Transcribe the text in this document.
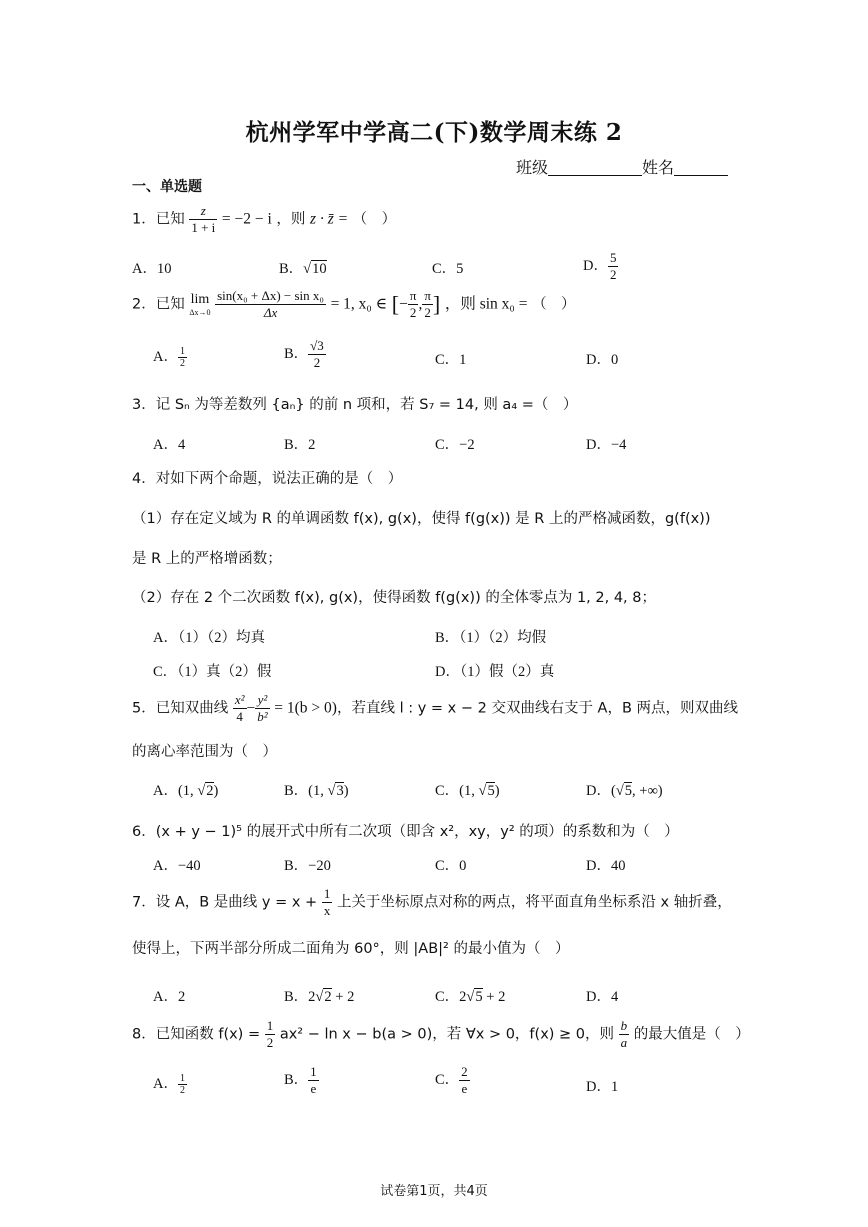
杭州学军中学高二(下)数学周末练 2
班级	姓名
一、单选题
1．已知 $\frac{z}{1 + i} = -2 - i$ ，则 z · z̄ = （　）
A．10	B．√10	C．5	D． $\frac{5}{2}$
2．已知 lim
Δx→0
$\frac{\text{sin(x₀ + Δx) − sin x₀}}{\Delta x} = 1$, x₀ ∈ [− $\frac{\pi}{2}$ , $\frac{\pi}{2}$ ] ，则 sin x₀ = （　）
A． $\frac{1}{2}$	B． $\frac{√3}{2}$	C．1	D．0
3．记 Sₙ 为等差数列 {aₙ} 的前 n 项和，若 S₇ = 14, 则 a₄ =（　）
A．4	B．2	C．−2	D．−4
4．对如下两个命题，说法正确的是（　）
（1）存在定义域为 R 的单调函数 f(x), g(x)，使得 f(g(x)) 是 R 上的严格减函数，g(f(x))
是 R 上的严格增函数；
（2）存在 2 个二次函数 f(x), g(x)，使得函数 f(g(x)) 的全体零点为 1, 2, 4, 8；
A．（1）（2）均真	B．（1）（2）均假
C．（1）真（2）假	D．（1）假（2）真
5．已知双曲线 $\frac{\text{x²}}{4} - \frac{\text{y²}}{\text{b²}} = 1(b > 0)$，若直线 l : y = x − 2 交双曲线右支于 A，B 两点，则双曲线
的离心率范围为（　）
A．(1, √2)	B．(1, √3)	C．(1, √5)	D．(√5, +∞)
6．(x + y − 1)⁵ 的展开式中所有二次项（即含 x²，xy，y² 的项）的系数和为（　）
A．−40	B．−20	C．0	D．40
7．设 A，B 是曲线 $y = x + \frac{1}{x}$ 上关于坐标原点对称的两点，将平面直角坐标系沿 x 轴折叠，
使得上，下两半部分所成二面角为 60°，则 |AB|² 的最小值为（　）
A．2	B．2√2 + 2	C．2√5 + 2	D．4
8．已知函数 $f(x) = \frac{1}{2} ax^2 - \ln x - b(a > 0)$，若 ∀x > 0，f(x) ≥ 0，则 $\frac{b}{a}$ 的最大值是（　）
A． $\frac{1}{2}$	B． $\frac{1}{e}$	C． $\frac{2}{e}$	D．1
试卷第1页，共4页
